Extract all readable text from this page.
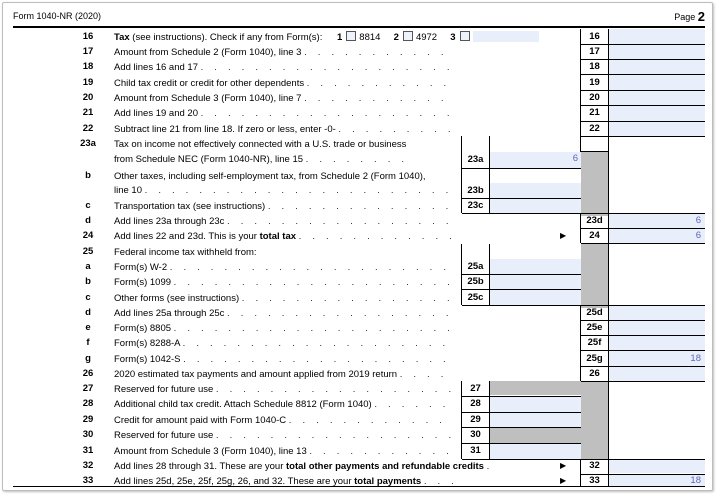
Form 1040-NR (2020)	Page 2
16	Tax (see instructions). Check if any from Form(s): 1 8814 2 4972 3	16
17	Amount from Schedule 2 (Form 1040), line 3 . . . . . . . . . . .	17
18	Add lines 16 and 17 . . . . . . . . . . . . . . . . . . .	18
19	Child tax credit or credit for other dependents . . . . . . . . . . .	19
20	Amount from Schedule 3 (Form 1040), line 7 . . . . . . . . . . .	20
21	Add lines 19 and 20 . . . . . . . . . . . . . . . . . . .	21
22	Subtract line 21 from line 18. If zero or less, enter -0- . . . . . . . . .	22
23a	Tax on income not effectively connected with a U.S. trade or business
from Schedule NEC (Form 1040-NR), line 15 . . . . . . . .	23a	6
b	Other taxes, including self-employment tax, from Schedule 2 (Form 1040),
line 10 . . . . . . . . . . . . . . . . . . . . . . .	23b
c	Transportation tax (see instructions) . . . . . . . . . . . . . .	23c
d	Add lines 23a through 23c . . . . . . . . . . . . . . . . .	23d	6
24	Add lines 22 and 23d. This is your total tax . . . . . . . . . . . .	▶	24	6
25	Federal income tax withheld from:
a	Form(s) W-2 . . . . . . . . . . . . . . . . . . . . .	25a
b	Form(s) 1099 . . . . . . . . . . . . . . . . . . . . .	25b
c	Other forms (see instructions) . . . . . . . . . . . . . . . .	25c
d	Add lines 25a through 25c . . . . . . . . . . . . . . . . .	25d
e	Form(s) 8805 . . . . . . . . . . . . . . . . . . . . .	25e
f	Form(s) 8288-A . . . . . . . . . . . . . . . . . . . .	25f
g	Form(s) 1042-S . . . . . . . . . . . . . . . . . . . .	25g	18
26	2020 estimated tax payments and amount applied from 2019 return . . . .	26
27	Reserved for future use . . . . . . . . . . . . . . . . . .	27
28	Additional child tax credit. Attach Schedule 8812 (Form 1040) . . . . . .	28
29	Credit for amount paid with Form 1040-C . . . . . . . . . . . .	29
30	Reserved for future use . . . . . . . . . . . . . . . . . .	30
31	Amount from Schedule 3 (Form 1040), line 13 . . . . . . . . . . .	31
32	Add lines 28 through 31. These are your total other payments and refundable credits .	▶	32
33	Add lines 25d, 25e, 25f, 25g, 26, and 32. These are your total payments . . .	▶	33	18
